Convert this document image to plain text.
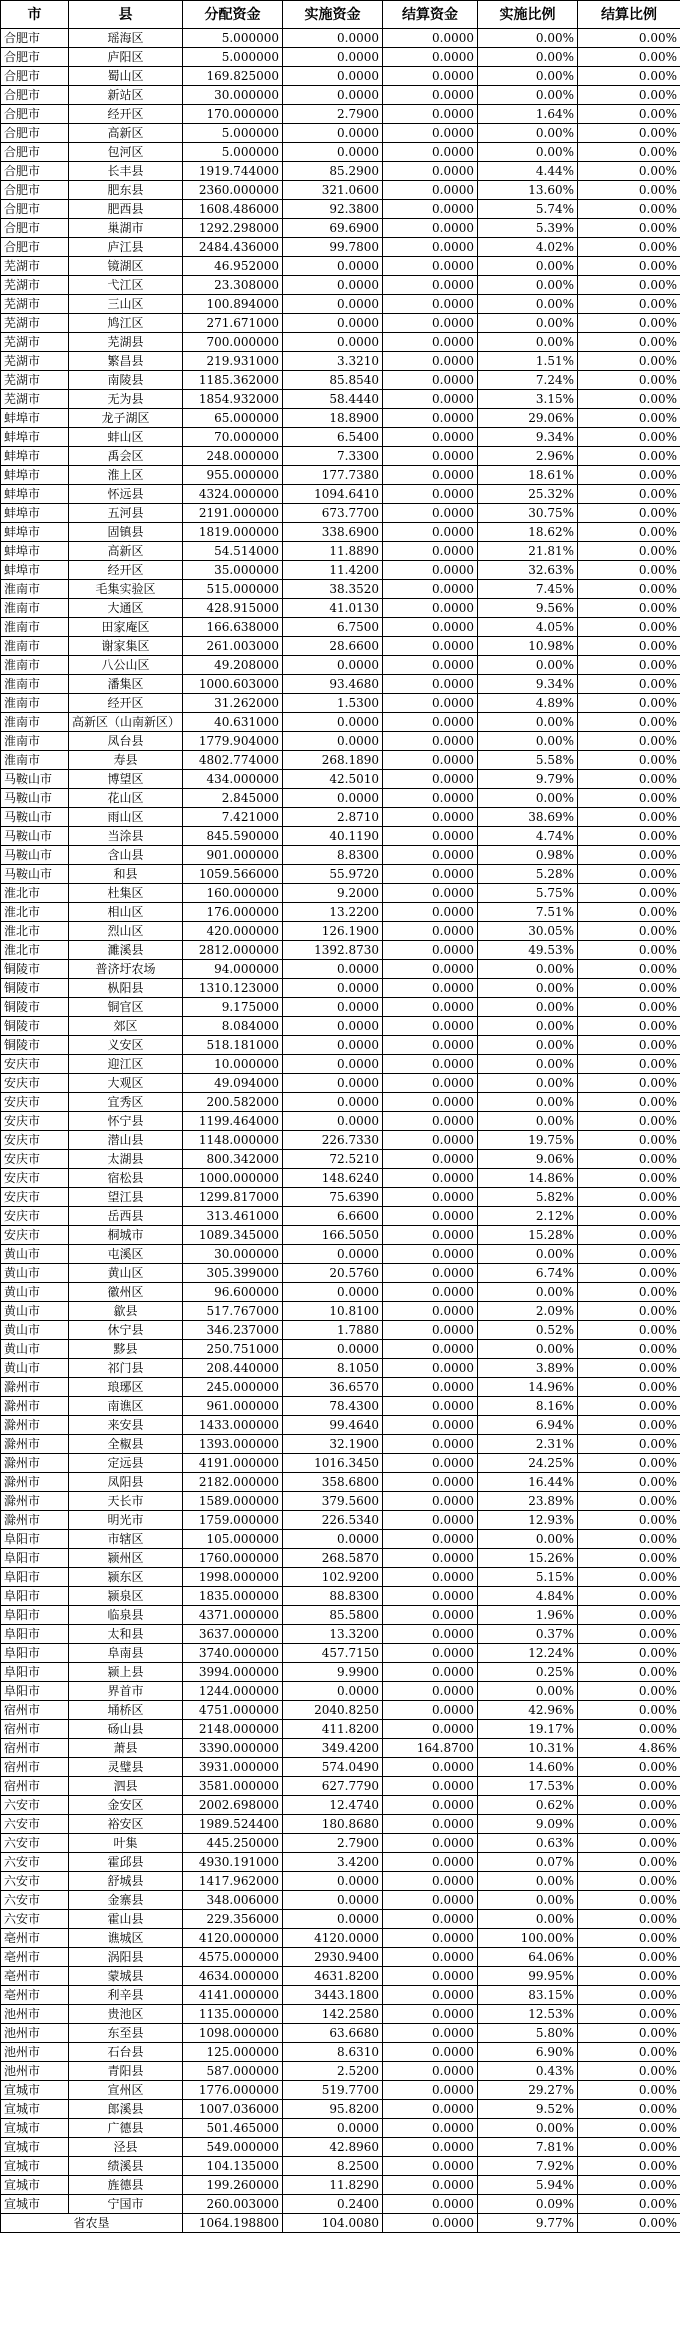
市	县	分配资金	实施资金	结算资金	实施比例	结算比例
合肥市	瑶海区	5.000000	0.0000	0.0000	0.00%	0.00%
合肥市	庐阳区	5.000000	0.0000	0.0000	0.00%	0.00%
合肥市	蜀山区	169.825000	0.0000	0.0000	0.00%	0.00%
合肥市	新站区	30.000000	0.0000	0.0000	0.00%	0.00%
合肥市	经开区	170.000000	2.7900	0.0000	1.64%	0.00%
合肥市	高新区	5.000000	0.0000	0.0000	0.00%	0.00%
合肥市	包河区	5.000000	0.0000	0.0000	0.00%	0.00%
合肥市	长丰县	1919.744000	85.2900	0.0000	4.44%	0.00%
合肥市	肥东县	2360.000000	321.0600	0.0000	13.60%	0.00%
合肥市	肥西县	1608.486000	92.3800	0.0000	5.74%	0.00%
合肥市	巢湖市	1292.298000	69.6900	0.0000	5.39%	0.00%
合肥市	庐江县	2484.436000	99.7800	0.0000	4.02%	0.00%
芜湖市	镜湖区	46.952000	0.0000	0.0000	0.00%	0.00%
芜湖市	弋江区	23.308000	0.0000	0.0000	0.00%	0.00%
芜湖市	三山区	100.894000	0.0000	0.0000	0.00%	0.00%
芜湖市	鸠江区	271.671000	0.0000	0.0000	0.00%	0.00%
芜湖市	芜湖县	700.000000	0.0000	0.0000	0.00%	0.00%
芜湖市	繁昌县	219.931000	3.3210	0.0000	1.51%	0.00%
芜湖市	南陵县	1185.362000	85.8540	0.0000	7.24%	0.00%
芜湖市	无为县	1854.932000	58.4440	0.0000	3.15%	0.00%
蚌埠市	龙子湖区	65.000000	18.8900	0.0000	29.06%	0.00%
蚌埠市	蚌山区	70.000000	6.5400	0.0000	9.34%	0.00%
蚌埠市	禹会区	248.000000	7.3300	0.0000	2.96%	0.00%
蚌埠市	淮上区	955.000000	177.7380	0.0000	18.61%	0.00%
蚌埠市	怀远县	4324.000000	1094.6410	0.0000	25.32%	0.00%
蚌埠市	五河县	2191.000000	673.7700	0.0000	30.75%	0.00%
蚌埠市	固镇县	1819.000000	338.6900	0.0000	18.62%	0.00%
蚌埠市	高新区	54.514000	11.8890	0.0000	21.81%	0.00%
蚌埠市	经开区	35.000000	11.4200	0.0000	32.63%	0.00%
淮南市	毛集实验区	515.000000	38.3520	0.0000	7.45%	0.00%
淮南市	大通区	428.915000	41.0130	0.0000	9.56%	0.00%
淮南市	田家庵区	166.638000	6.7500	0.0000	4.05%	0.00%
淮南市	谢家集区	261.003000	28.6600	0.0000	10.98%	0.00%
淮南市	八公山区	49.208000	0.0000	0.0000	0.00%	0.00%
淮南市	潘集区	1000.603000	93.4680	0.0000	9.34%	0.00%
淮南市	经开区	31.262000	1.5300	0.0000	4.89%	0.00%
淮南市	高新区（山南新区）	40.631000	0.0000	0.0000	0.00%	0.00%
淮南市	凤台县	1779.904000	0.0000	0.0000	0.00%	0.00%
淮南市	寿县	4802.774000	268.1890	0.0000	5.58%	0.00%
马鞍山市	博望区	434.000000	42.5010	0.0000	9.79%	0.00%
马鞍山市	花山区	2.845000	0.0000	0.0000	0.00%	0.00%
马鞍山市	雨山区	7.421000	2.8710	0.0000	38.69%	0.00%
马鞍山市	当涂县	845.590000	40.1190	0.0000	4.74%	0.00%
马鞍山市	含山县	901.000000	8.8300	0.0000	0.98%	0.00%
马鞍山市	和县	1059.566000	55.9720	0.0000	5.28%	0.00%
淮北市	杜集区	160.000000	9.2000	0.0000	5.75%	0.00%
淮北市	相山区	176.000000	13.2200	0.0000	7.51%	0.00%
淮北市	烈山区	420.000000	126.1900	0.0000	30.05%	0.00%
淮北市	濉溪县	2812.000000	1392.8730	0.0000	49.53%	0.00%
铜陵市	普济圩农场	94.000000	0.0000	0.0000	0.00%	0.00%
铜陵市	枞阳县	1310.123000	0.0000	0.0000	0.00%	0.00%
铜陵市	铜官区	9.175000	0.0000	0.0000	0.00%	0.00%
铜陵市	郊区	8.084000	0.0000	0.0000	0.00%	0.00%
铜陵市	义安区	518.181000	0.0000	0.0000	0.00%	0.00%
安庆市	迎江区	10.000000	0.0000	0.0000	0.00%	0.00%
安庆市	大观区	49.094000	0.0000	0.0000	0.00%	0.00%
安庆市	宜秀区	200.582000	0.0000	0.0000	0.00%	0.00%
安庆市	怀宁县	1199.464000	0.0000	0.0000	0.00%	0.00%
安庆市	潜山县	1148.000000	226.7330	0.0000	19.75%	0.00%
安庆市	太湖县	800.342000	72.5210	0.0000	9.06%	0.00%
安庆市	宿松县	1000.000000	148.6240	0.0000	14.86%	0.00%
安庆市	望江县	1299.817000	75.6390	0.0000	5.82%	0.00%
安庆市	岳西县	313.461000	6.6600	0.0000	2.12%	0.00%
安庆市	桐城市	1089.345000	166.5050	0.0000	15.28%	0.00%
黄山市	屯溪区	30.000000	0.0000	0.0000	0.00%	0.00%
黄山市	黄山区	305.399000	20.5760	0.0000	6.74%	0.00%
黄山市	徽州区	96.600000	0.0000	0.0000	0.00%	0.00%
黄山市	歙县	517.767000	10.8100	0.0000	2.09%	0.00%
黄山市	休宁县	346.237000	1.7880	0.0000	0.52%	0.00%
黄山市	黟县	250.751000	0.0000	0.0000	0.00%	0.00%
黄山市	祁门县	208.440000	8.1050	0.0000	3.89%	0.00%
滁州市	琅琊区	245.000000	36.6570	0.0000	14.96%	0.00%
滁州市	南谯区	961.000000	78.4300	0.0000	8.16%	0.00%
滁州市	来安县	1433.000000	99.4640	0.0000	6.94%	0.00%
滁州市	全椒县	1393.000000	32.1900	0.0000	2.31%	0.00%
滁州市	定远县	4191.000000	1016.3450	0.0000	24.25%	0.00%
滁州市	凤阳县	2182.000000	358.6800	0.0000	16.44%	0.00%
滁州市	天长市	1589.000000	379.5600	0.0000	23.89%	0.00%
滁州市	明光市	1759.000000	226.5340	0.0000	12.93%	0.00%
阜阳市	市辖区	105.000000	0.0000	0.0000	0.00%	0.00%
阜阳市	颍州区	1760.000000	268.5870	0.0000	15.26%	0.00%
阜阳市	颍东区	1998.000000	102.9200	0.0000	5.15%	0.00%
阜阳市	颍泉区	1835.000000	88.8300	0.0000	4.84%	0.00%
阜阳市	临泉县	4371.000000	85.5800	0.0000	1.96%	0.00%
阜阳市	太和县	3637.000000	13.3200	0.0000	0.37%	0.00%
阜阳市	阜南县	3740.000000	457.7150	0.0000	12.24%	0.00%
阜阳市	颍上县	3994.000000	9.9900	0.0000	0.25%	0.00%
阜阳市	界首市	1244.000000	0.0000	0.0000	0.00%	0.00%
宿州市	埇桥区	4751.000000	2040.8250	0.0000	42.96%	0.00%
宿州市	砀山县	2148.000000	411.8200	0.0000	19.17%	0.00%
宿州市	萧县	3390.000000	349.4200	164.8700	10.31%	4.86%
宿州市	灵璧县	3931.000000	574.0490	0.0000	14.60%	0.00%
宿州市	泗县	3581.000000	627.7790	0.0000	17.53%	0.00%
六安市	金安区	2002.698000	12.4740	0.0000	0.62%	0.00%
六安市	裕安区	1989.524400	180.8680	0.0000	9.09%	0.00%
六安市	叶集	445.250000	2.7900	0.0000	0.63%	0.00%
六安市	霍邱县	4930.191000	3.4200	0.0000	0.07%	0.00%
六安市	舒城县	1417.962000	0.0000	0.0000	0.00%	0.00%
六安市	金寨县	348.006000	0.0000	0.0000	0.00%	0.00%
六安市	霍山县	229.356000	0.0000	0.0000	0.00%	0.00%
亳州市	谯城区	4120.000000	4120.0000	0.0000	100.00%	0.00%
亳州市	涡阳县	4575.000000	2930.9400	0.0000	64.06%	0.00%
亳州市	蒙城县	4634.000000	4631.8200	0.0000	99.95%	0.00%
亳州市	利辛县	4141.000000	3443.1800	0.0000	83.15%	0.00%
池州市	贵池区	1135.000000	142.2580	0.0000	12.53%	0.00%
池州市	东至县	1098.000000	63.6680	0.0000	5.80%	0.00%
池州市	石台县	125.000000	8.6310	0.0000	6.90%	0.00%
池州市	青阳县	587.000000	2.5200	0.0000	0.43%	0.00%
宣城市	宣州区	1776.000000	519.7700	0.0000	29.27%	0.00%
宣城市	郎溪县	1007.036000	95.8200	0.0000	9.52%	0.00%
宣城市	广德县	501.465000	0.0000	0.0000	0.00%	0.00%
宣城市	泾县	549.000000	42.8960	0.0000	7.81%	0.00%
宣城市	绩溪县	104.135000	8.2500	0.0000	7.92%	0.00%
宣城市	旌德县	199.260000	11.8290	0.0000	5.94%	0.00%
宣城市	宁国市	260.003000	0.2400	0.0000	0.09%	0.00%
省农垦		1064.198800	104.0080	0.0000	9.77%	0.00%
